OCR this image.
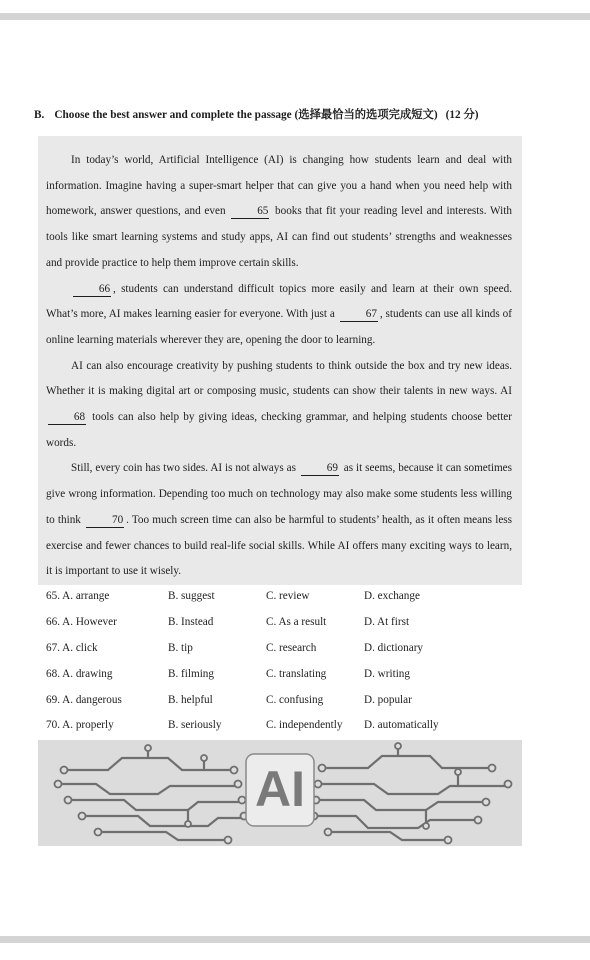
B. Choose the best answer and complete the passage (选择最恰当的选项完成短文) (12 分)

In today’s world, Artificial Intelligence (AI) is changing how students learn and deal with information. Imagine having a super-smart helper that can give you a hand when you need help with homework, answer questions, and even 65 books that fit your reading level and interests. With tools like smart learning systems and study apps, AI can find out students’ strengths and weaknesses and provide practice to help them improve certain skills.

66 , students can understand difficult topics more easily and learn at their own speed. What’s more, AI makes learning easier for everyone. With just a 67 , students can use all kinds of online learning materials wherever they are, opening the door to learning.

AI can also encourage creativity by pushing students to think outside the box and try new ideas. Whether it is making digital art or composing music, students can show their talents in new ways. AI 68 tools can also help by giving ideas, checking grammar, and helping students choose better words.

Still, every coin has two sides. AI is not always as 69 as it seems, because it can sometimes give wrong information. Depending too much on technology may also make some students less willing to think 70 . Too much screen time can also be harmful to students’ health, as it often means less exercise and fewer chances to build real-life social skills. While AI offers many exciting ways to learn, it is important to use it wisely.

65. A. arrange	B. suggest	C. review	D. exchange
66. A. However	B. Instead	C. As a result	D. At first
67. A. click	B. tip	C. research	D. dictionary
68. A. drawing	B. filming	C. translating	D. writing
69. A. dangerous	B. helpful	C. confusing	D. popular
70. A. properly	B. seriously	C. independently D. automatically
AI
